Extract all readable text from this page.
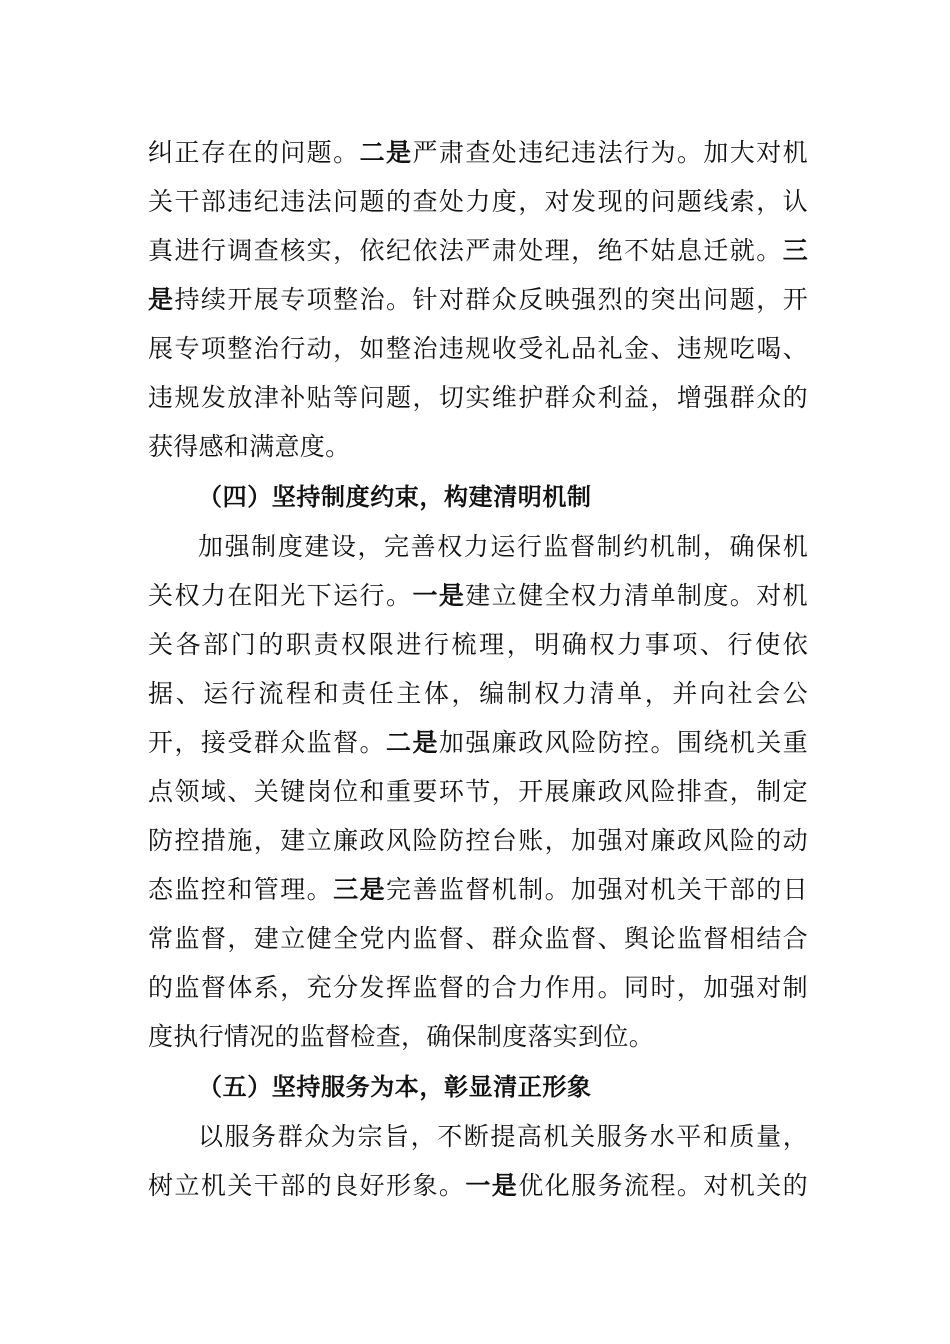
纠正存在的问题。二是严肃查处违纪违法行为。加大对机
关干部违纪违法问题的查处力度，对发现的问题线索，认
真进行调查核实，依纪依法严肃处理，绝不姑息迁就。三
是持续开展专项整治。针对群众反映强烈的突出问题，开
展专项整治行动，如整治违规收受礼品礼金、违规吃喝、
违规发放津补贴等问题，切实维护群众利益，增强群众的
获得感和满意度。
（四）坚持制度约束，构建清明机制
加强制度建设，完善权力运行监督制约机制，确保机
关权力在阳光下运行。一是建立健全权力清单制度。对机
关各部门的职责权限进行梳理，明确权力事项、行使依
据、运行流程和责任主体，编制权力清单，并向社会公
开，接受群众监督。二是加强廉政风险防控。围绕机关重
点领域、关键岗位和重要环节，开展廉政风险排查，制定
防控措施，建立廉政风险防控台账，加强对廉政风险的动
态监控和管理。三是完善监督机制。加强对机关干部的日
常监督，建立健全党内监督、群众监督、舆论监督相结合
的监督体系，充分发挥监督的合力作用。同时，加强对制
度执行情况的监督检查，确保制度落实到位。
（五）坚持服务为本，彰显清正形象
以服务群众为宗旨，不断提高机关服务水平和质量，
树立机关干部的良好形象。一是优化服务流程。对机关的
